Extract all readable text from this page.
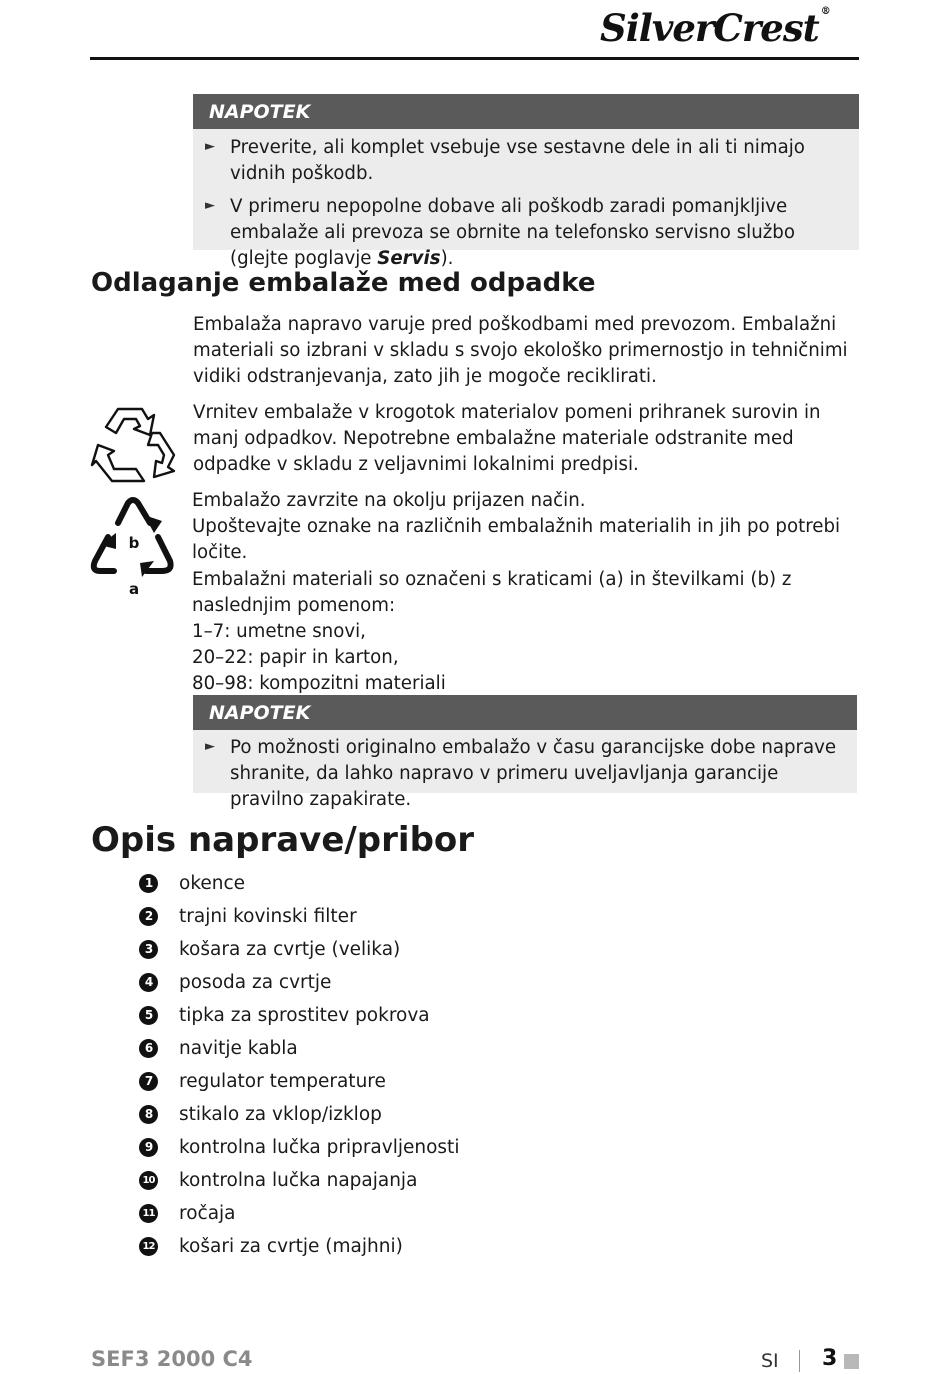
SilverCrest ®
NAPOTEK
► Preverite, ali komplet vsebuje vse sestavne dele in ali ti nimajo vidnih poškodb.
► V primeru nepopolne dobave ali poškodb zaradi pomanjkljive embalaže ali prevoza se obrnite na telefonsko servisno službo (glejte poglavje Servis).
Odlaganje embalaže med odpadke

Embalaža napravo varuje pred poškodbami med prevozom. Embalažni materiali so izbrani v skladu s svojo ekološko primernostjo in tehničnimi vidiki odstranjevanja, zato jih je mogoče reciklirati.

Vrnitev embalaže v krogotok materialov pomeni prihranek surovin in manj odpadkov. Nepotrebne embalažne materiale odstranite med odpadke v skladu z veljavnimi lokalnimi predpisi.

b
a

Embalažo zavrzite na okolju prijazen način.

Upoštevajte oznake na različnih embalažnih materialih in jih po potrebi ločite.

Embalažni materiali so označeni s kraticami (a) in številkami (b) z naslednjim pomenom:

1–7: umetne snovi,

20–22: papir in karton,

80–98: kompozitni materiali

NAPOTEK
► Po možnosti originalno embalažo v času garancijske dobe naprave shranite, da lahko napravo v primeru uveljavljanja garancije pravilno zapakirate.
Opis naprave/pribor
1	okence
2	trajni kovinski filter
3	košara za cvrtje (velika)
4	posoda za cvrtje
5	tipka za sprostitev pokrova
6	navitje kabla
7	regulator temperature
8	stikalo za vklop/izklop
9	kontrolna lučka pripravljenosti
10 kontrolna lučka napajanja
11 ročaja
12 košari za cvrtje (majhni)
SEF3 2000 C4	SI 3
